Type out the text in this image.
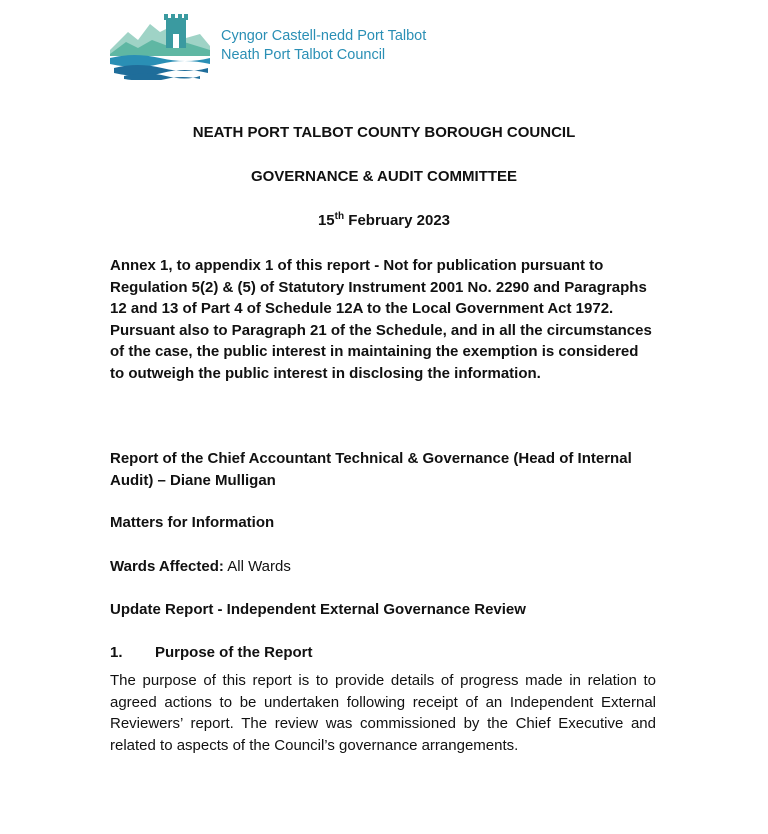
Cyngor Castell-nedd Port Talbot
Neath Port Talbot Council
NEATH PORT TALBOT COUNTY BOROUGH COUNCIL
GOVERNANCE & AUDIT COMMITTEE
15th February 2023
Annex 1, to appendix 1 of this report - Not for publication pursuant to Regulation 5(2) & (5) of Statutory Instrument 2001 No. 2290 and Paragraphs 12 and 13 of Part 4 of Schedule 12A to the Local Government Act 1972. Pursuant also to Paragraph 21 of the Schedule, and in all the circumstances of the case, the public interest in maintaining the exemption is considered to outweigh the public interest in disclosing the information.
Report of the Chief Accountant Technical & Governance (Head of Internal Audit) – Diane Mulligan
Matters for Information
Wards Affected: All Wards
Update Report - Independent External Governance Review
1. Purpose of the Report
The purpose of this report is to provide details of progress made in relation to agreed actions to be undertaken following receipt of an Independent External Reviewers’ report. The review was commissioned by the Chief Executive and related to aspects of the Council’s governance arrangements.
